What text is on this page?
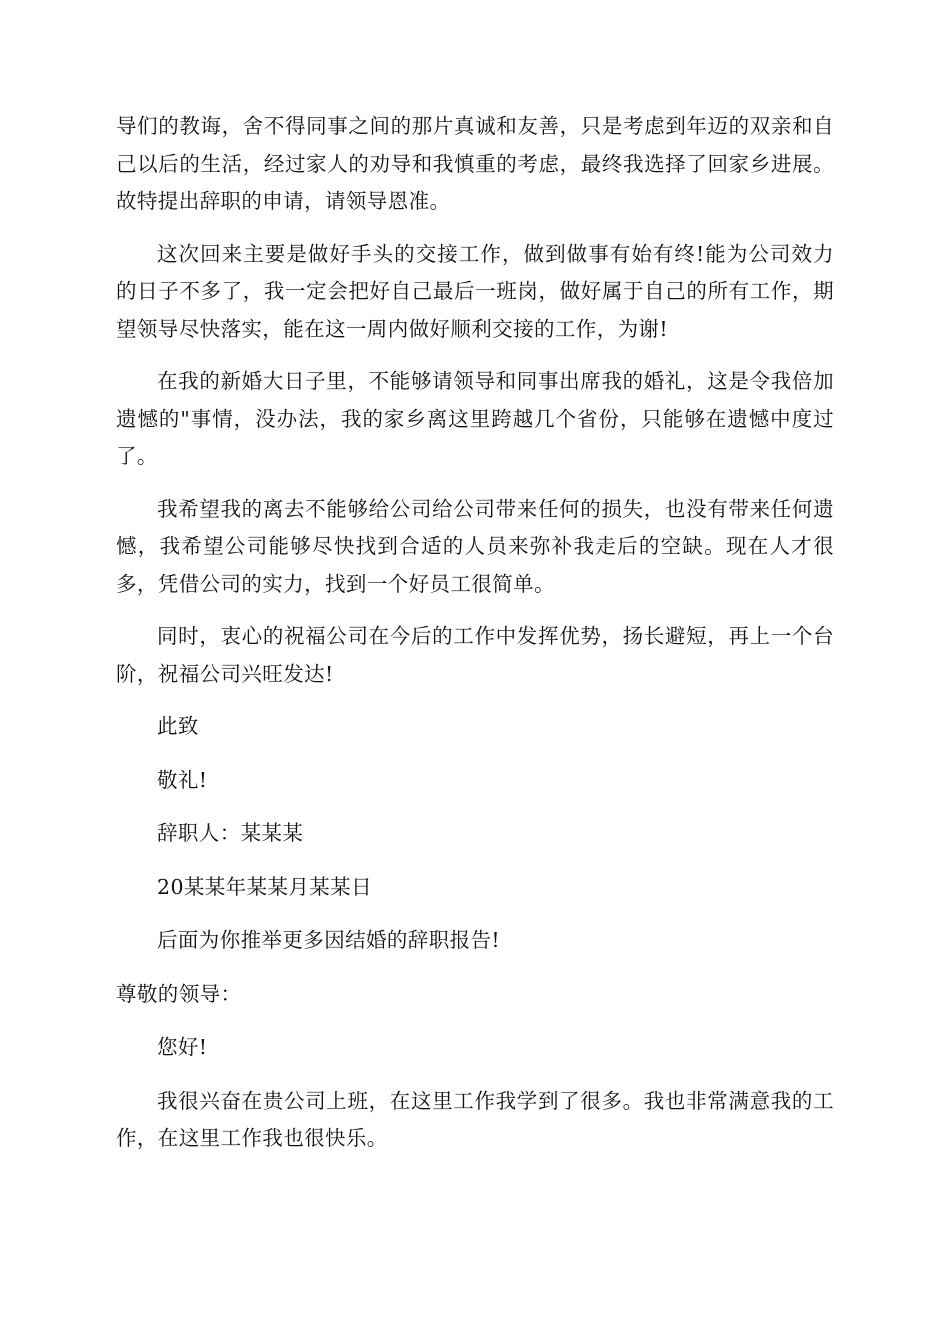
导们的教诲，舍不得同事之间的那片真诚和友善，只是考虑到年迈的双亲和自己以后的生活，经过家人的劝导和我慎重的考虑，最终我选择了回家乡进展。故特提出辞职的申请，请领导恩准。

这次回来主要是做好手头的交接工作，做到做事有始有终!能为公司效力的日子不多了，我一定会把好自己最后一班岗，做好属于自己的所有工作，期望领导尽快落实，能在这一周内做好顺利交接的工作，为谢!

在我的新婚大日子里，不能够请领导和同事出席我的婚礼，这是令我倍加遗憾的"事情，没办法，我的家乡离这里跨越几个省份，只能够在遗憾中度过了。

我希望我的离去不能够给公司给公司带来任何的损失，也没有带来任何遗憾，我希望公司能够尽快找到合适的人员来弥补我走后的空缺。现在人才很多，凭借公司的实力，找到一个好员工很简单。

同时，衷心的祝福公司在今后的工作中发挥优势，扬长避短，再上一个台阶，祝福公司兴旺发达!

此致

敬礼!

辞职人：某某某

20某某年某某月某某日

后面为你推举更多因结婚的辞职报告!

尊敬的领导：

您好!

我很兴奋在贵公司上班，在这里工作我学到了很多。我也非常满意我的工作，在这里工作我也很快乐。
